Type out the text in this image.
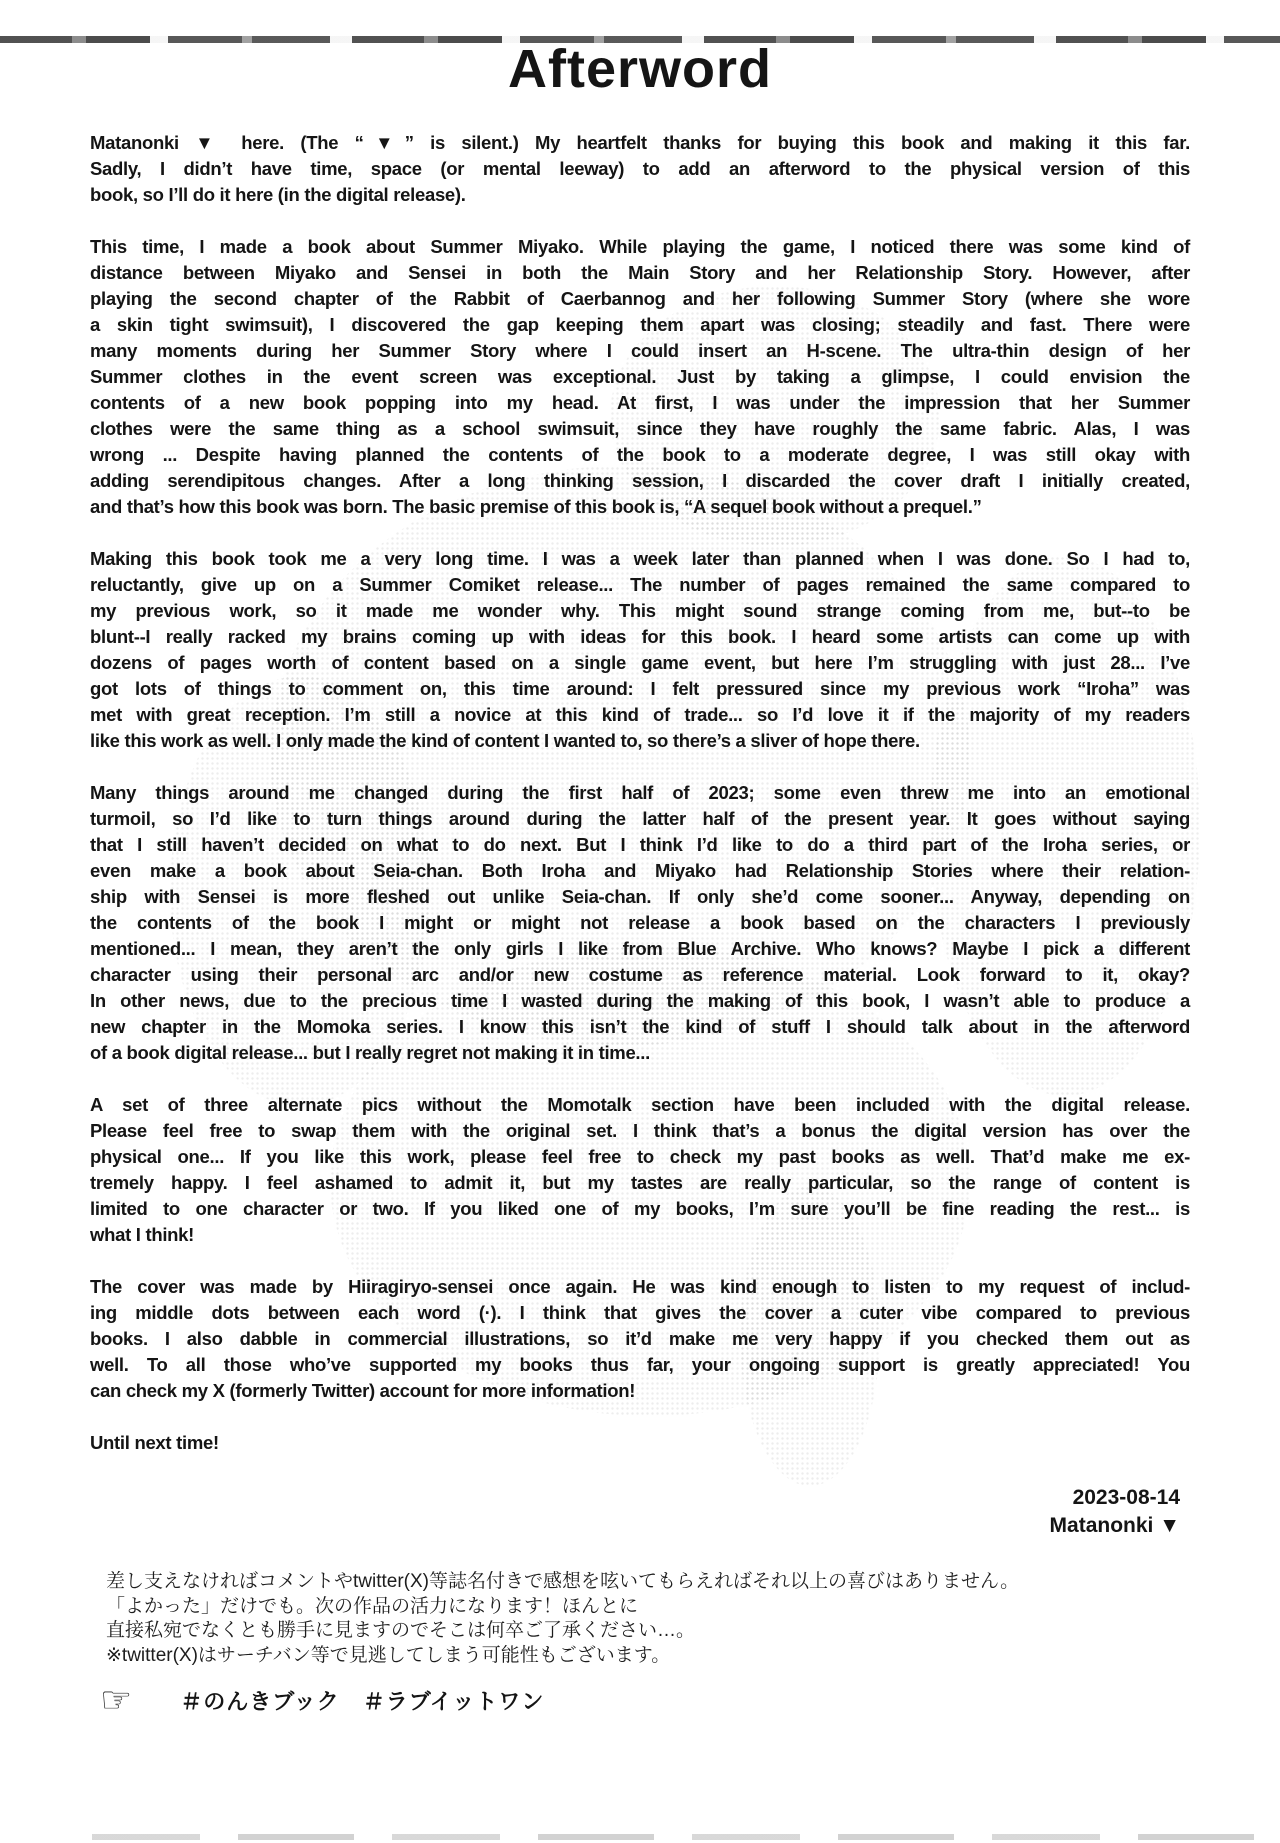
Afterword
Matanonki ▼ here. (The “▼” is silent.) My heartfelt thanks for buying this book and making it this far.
Sadly, I didn’t have time, space (or mental leeway) to add an afterword to the physical version of this
book, so I’ll do it here (in the digital release).
This time, I made a book about Summer Miyako. While playing the game, I noticed there was some kind of
distance between Miyako and Sensei in both the Main Story and her Relationship Story. However, after
playing the second chapter of the Rabbit of Caerbannog and her following Summer Story (where she wore
a skin tight swimsuit), I discovered the gap keeping them apart was closing; steadily and fast. There were
many moments during her Summer Story where I could insert an H-scene. The ultra-thin design of her
Summer clothes in the event screen was exceptional. Just by taking a glimpse, I could envision the
contents of a new book popping into my head. At first, I was under the impression that her Summer
clothes were the same thing as a school swimsuit, since they have roughly the same fabric. Alas, I was
wrong ... Despite having planned the contents of the book to a moderate degree, I was still okay with
adding serendipitous changes. After a long thinking session, I discarded the cover draft I initially created,
and that’s how this book was born. The basic premise of this book is, “A sequel book without a prequel.”
Making this book took me a very long time. I was a week later than planned when I was done. So I had to,
reluctantly, give up on a Summer Comiket release... The number of pages remained the same compared to
my previous work, so it made me wonder why. This might sound strange coming from me, but--to be
blunt--I really racked my brains coming up with ideas for this book. I heard some artists can come up with
dozens of pages worth of content based on a single game event, but here I’m struggling with just 28... I’ve
got lots of things to comment on, this time around: I felt pressured since my previous work “Iroha” was
met with great reception. I’m still a novice at this kind of trade... so I’d love it if the majority of my readers
like this work as well. I only made the kind of content I wanted to, so there’s a sliver of hope there.
Many things around me changed during the first half of 2023; some even threw me into an emotional
turmoil, so I’d like to turn things around during the latter half of the present year. It goes without saying
that I still haven’t decided on what to do next. But I think I’d like to do a third part of the Iroha series, or
even make a book about Seia-chan. Both Iroha and Miyako had Relationship Stories where their relation-
ship with Sensei is more fleshed out unlike Seia-chan. If only she’d come sooner... Anyway, depending on
the contents of the book I might or might not release a book based on the characters I previously
mentioned... I mean, they aren’t the only girls I like from Blue Archive. Who knows? Maybe I pick a different
character using their personal arc and/or new costume as reference material. Look forward to it, okay?
In other news, due to the precious time I wasted during the making of this book, I wasn’t able to produce a
new chapter in the Momoka series. I know this isn’t the kind of stuff I should talk about in the afterword
of a book digital release... but I really regret not making it in time...
A set of three alternate pics without the Momotalk section have been included with the digital release.
Please feel free to swap them with the original set. I think that’s a bonus the digital version has over the
physical one... If you like this work, please feel free to check my past books as well. That’d make me ex-
tremely happy. I feel ashamed to admit it, but my tastes are really particular, so the range of content is
limited to one character or two. If you liked one of my books, I’m sure you’ll be fine reading the rest... is
what I think!
The cover was made by Hiiragiryo-sensei once again. He was kind enough to listen to my request of includ-
ing middle dots between each word (·). I think that gives the cover a cuter vibe compared to previous
books. I also dabble in commercial illustrations, so it’d make me very happy if you checked them out as
well. To all those who’ve supported my books thus far, your ongoing support is greatly appreciated! You
can check my X (formerly Twitter) account for more information!
Until next time!
2023-08-14
Matanonki ▼
差し支えなければコメントやtwitter(X)等誌名付きで感想を呟いてもらえればそれ以上の喜びはありません。
「よかった」だけでも。次の作品の活力になります！ほんとに
直接私宛でなくとも勝手に見ますのでそこは何卒ご了承ください…。
※twitter(X)はサーチバン等で見逃してしまう可能性もございます。
☞ ＃のんきブック　＃ラブイットワン
